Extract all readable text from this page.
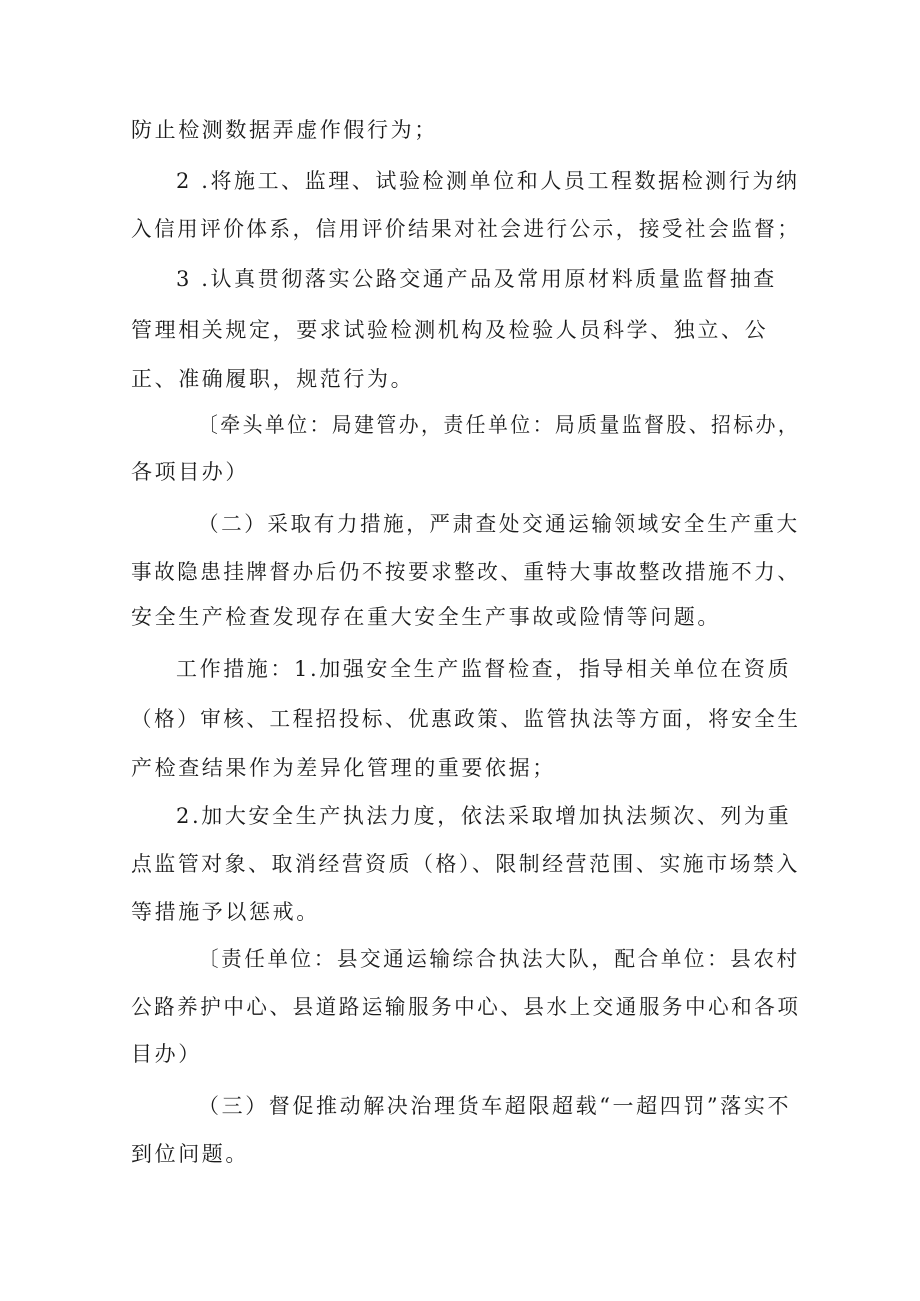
防止检测数据弄虚作假行为；
2 .将施工、监理、试验检测单位和人员工程数据检测行为纳
入信用评价体系，信用评价结果对社会进行公示，接受社会监督；
3 .认真贯彻落实公路交通产品及常用原材料质量监督抽查
管理相关规定，要求试验检测机构及检验人员科学、独立、公
正、准确履职，规范行为。
〔牵头单位：局建管办，责任单位：局质量监督股、招标办，
各项目办）
（二）采取有力措施，严肃查处交通运输领域安全生产重大
事故隐患挂牌督办后仍不按要求整改、重特大事故整改措施不力、
安全生产检查发现存在重大安全生产事故或险情等问题。
工作措施：1.加强安全生产监督检查，指导相关单位在资质
（格）审核、工程招投标、优惠政策、监管执法等方面，将安全生
产检查结果作为差异化管理的重要依据；
2.加大安全生产执法力度，依法采取增加执法频次、列为重
点监管对象、取消经营资质（格）、限制经营范围、实施市场禁入
等措施予以惩戒。
〔责任单位：县交通运输综合执法大队，配合单位：县农村
公路养护中心、县道路运输服务中心、县水上交通服务中心和各项
目办）
（三）督促推动解决治理货车超限超载“一超四罚”落实不
到位问题。
